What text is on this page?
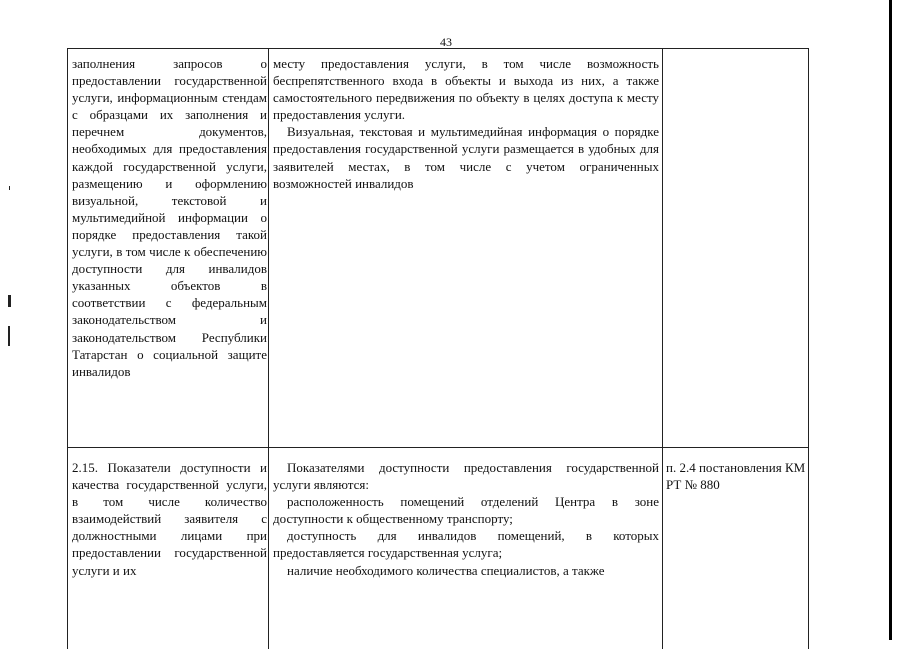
43

заполнения запросов о предоставлении государственной услуги, информационным стендам с образцами их заполнения и перечнем документов, необходимых для предоставления каждой государственной услуги, размещению и оформлению визуальной, текстовой и мультимедийной информации о порядке предоставления такой услуги, в том числе к обеспечению доступности для инвалидов указанных объектов в соответствии с федеральным законодательством и законодательством Республики Татарстан о социальной защите инвалидов

месту предоставления услуги, в том числе возможность беспрепятственного входа в объекты и выхода из них, а также самостоятельного передвижения по объекту в целях доступа к месту предоставления услуги.

Визуальная, текстовая и мультимедийная информация о порядке предоставления государственной услуги размещается в удобных для заявителей местах, в том числе с учетом ограниченных возможностей инвалидов

2.15. Показатели доступности и качества государственной услуги, в том числе количество взаимодействий заявителя с должностными лицами при предоставлении государственной услуги и их

Показателями доступности предоставления государственной услуги являются:

расположенность помещений отделений Центра в зоне доступности к общественному транспорту;

доступность для инвалидов помещений, в которых предоставляется государственная услуга;

наличие необходимого количества специалистов, а также

п. 2.4 постановления КМ РТ № 880
